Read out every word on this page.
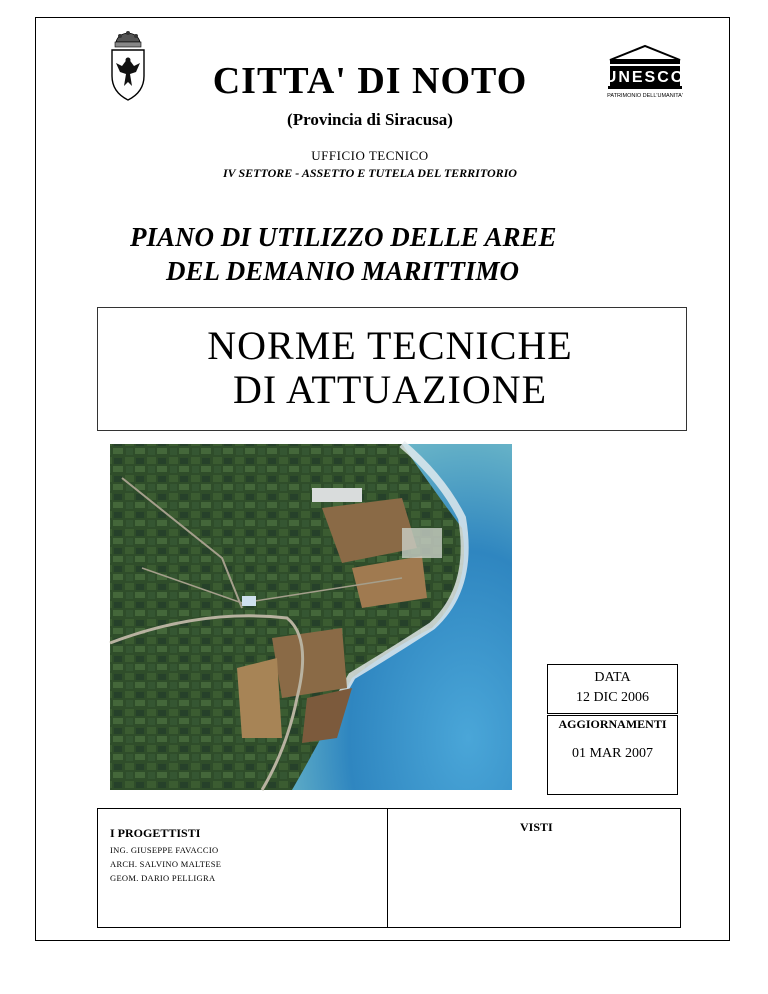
CITTA' DI NOTO	UNESCO
PATRIMONIO DELL'UMANITA'
(Provincia di Siracusa)
UFFICIO TECNICO
IV SETTORE - ASSETTO E TUTELA DEL TERRITORIO
PIANO DI UTILIZZO DELLE AREE
DEL DEMANIO MARITTIMO
NORME TECNICHE
DI ATTUAZIONE
DATA
12 DIC 2006
AGGIORNAMENTI
01 MAR 2007
I PROGETTISTI
ING. GIUSEPPE FAVACCIO
ARCH. SALVINO MALTESE
GEOM. DARIO PELLIGRA
VISTI
